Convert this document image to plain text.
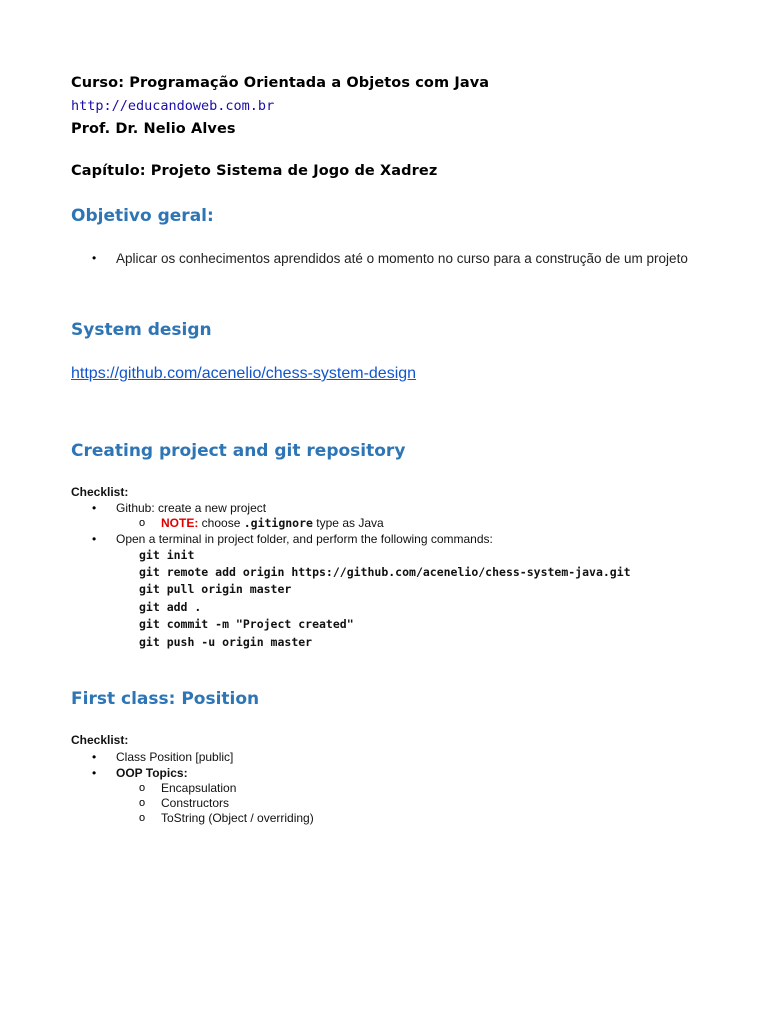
Curso: Programação Orientada a Objetos com Java
http://educandoweb.com.br
Prof. Dr. Nelio Alves
Capítulo: Projeto Sistema de Jogo de Xadrez
Objetivo geral:
• Aplicar os conhecimentos aprendidos até o momento no curso para a construção de um projeto
System design
https://github.com/acenelio/chess-system-design
Creating project and git repository
Checklist:
• Github: create a new project
o NOTE: choose .gitignore type as Java
• Open a terminal in project folder, and perform the following commands:
git init
git remote add origin https://github.com/acenelio/chess-system-java.git
git pull origin master
git add .
git commit -m "Project created"
git push -u origin master
First class: Position
Checklist:
• Class Position [public]
• OOP Topics:
o Encapsulation
o Constructors
o ToString (Object / overriding)
